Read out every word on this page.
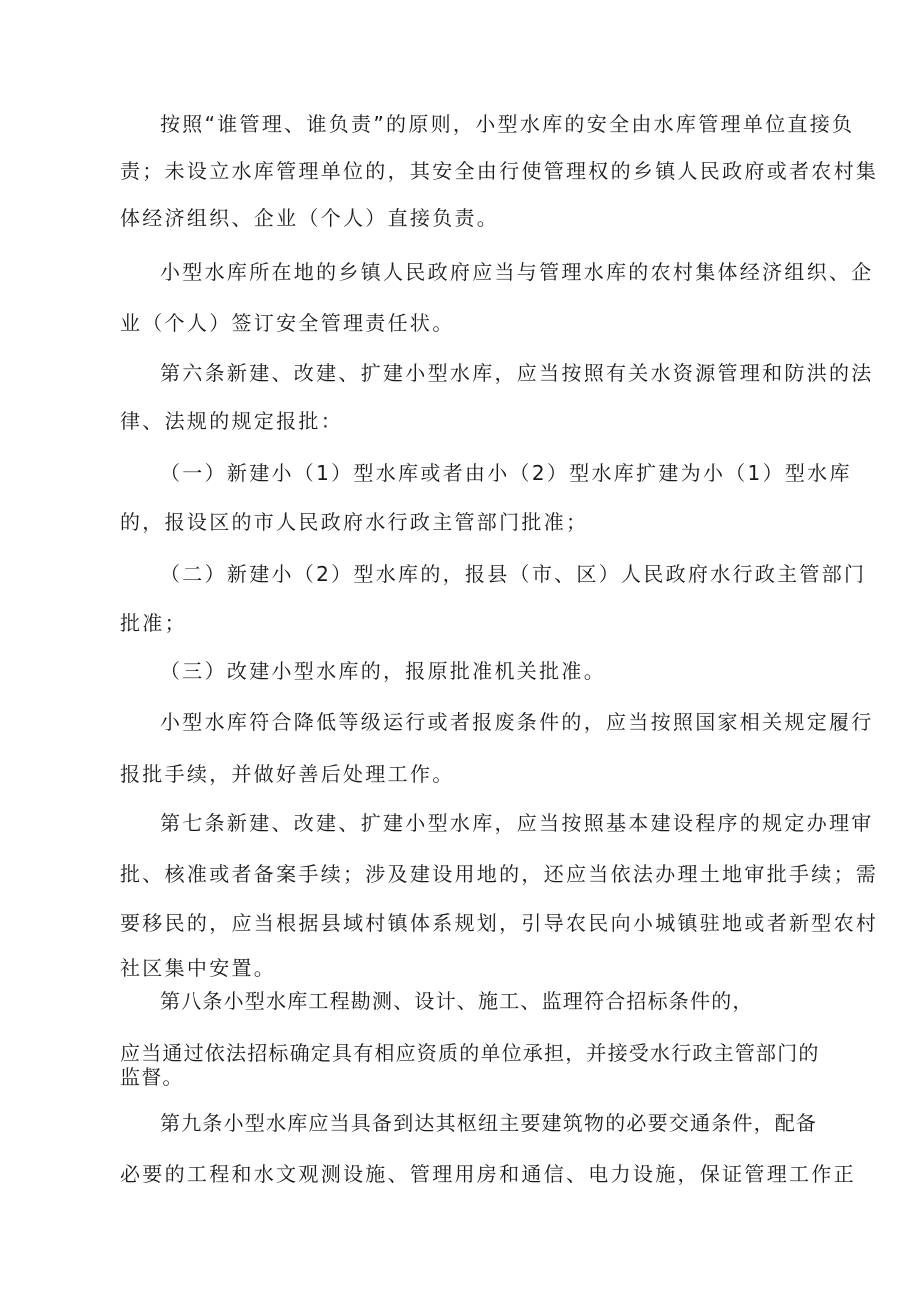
按照“谁管理、谁负责”的原则，小型水库的安全由水库管理单位直接负
责；未设立水库管理单位的，其安全由行使管理权的乡镇人民政府或者农村集
体经济组织、企业（个人）直接负责。
小型水库所在地的乡镇人民政府应当与管理水库的农村集体经济组织、企
业（个人）签订安全管理责任状。
第六条新建、改建、扩建小型水库，应当按照有关水资源管理和防洪的法
律、法规的规定报批：
（一）新建小（1）型水库或者由小（2）型水库扩建为小（1）型水库
的，报设区的市人民政府水行政主管部门批准；
（二）新建小（2）型水库的，报县（市、区）人民政府水行政主管部门
批准；
（三）改建小型水库的，报原批准机关批准。
小型水库符合降低等级运行或者报废条件的，应当按照国家相关规定履行
报批手续，并做好善后处理工作。
第七条新建、改建、扩建小型水库，应当按照基本建设程序的规定办理审
批、核准或者备案手续；涉及建设用地的，还应当依法办理土地审批手续；需
要移民的，应当根据县域村镇体系规划，引导农民向小城镇驻地或者新型农村
社区集中安置。
第八条小型水库工程勘测、设计、施工、监理符合招标条件的，
应当通过依法招标确定具有相应资质的单位承担，并接受水行政主管部门的
监督。
第九条小型水库应当具备到达其枢纽主要建筑物的必要交通条件，配备
必要的工程和水文观测设施、管理用房和通信、电力设施，保证管理工作正
